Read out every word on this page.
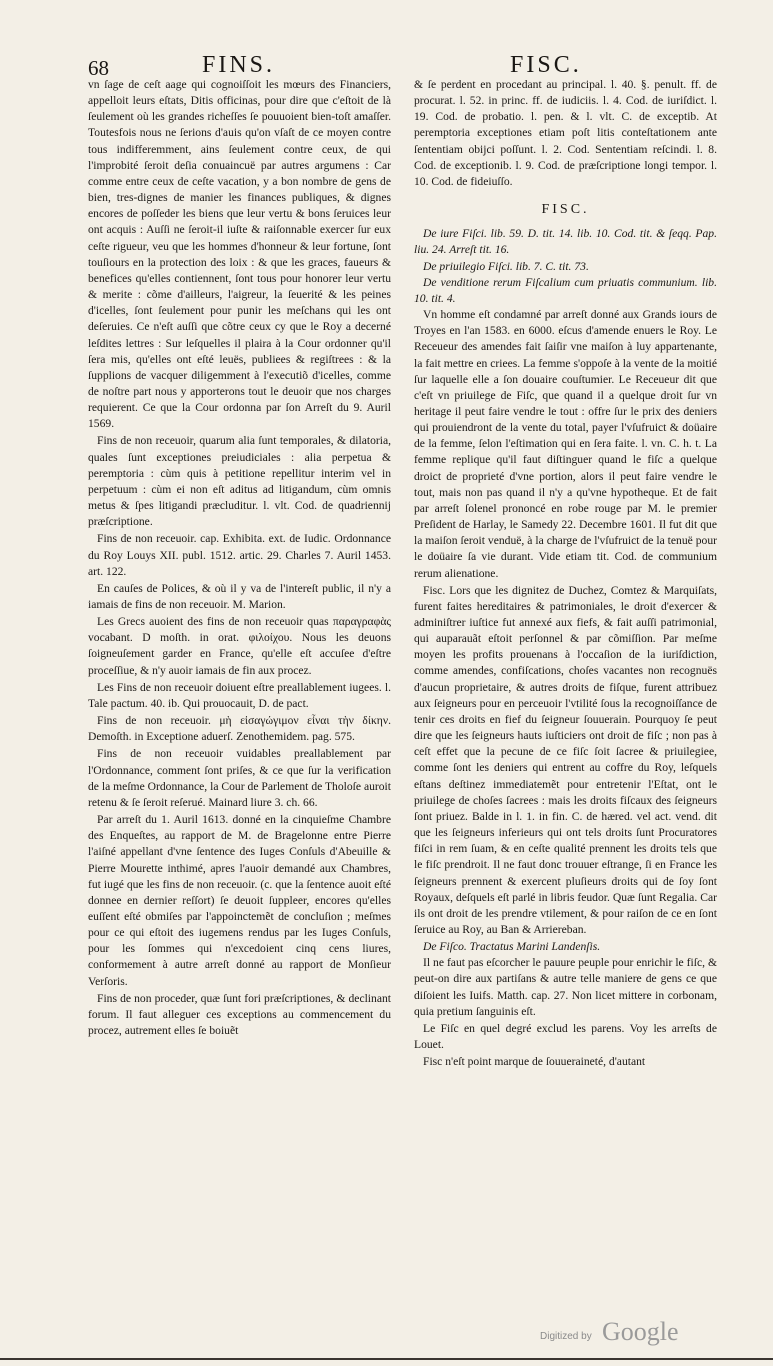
68	FINS.	FISC.

vn ſage de ceſt aage qui cognoiſſoit les mœurs des Financiers, appelloit leurs eſtats, Ditis officinas, pour dire que c'eſtoit de là ſeulement où les grandes richeſſes ſe pouuoient bien-toſt amaſſer. Toutesfois nous ne ſerions d'auis qu'on vſaſt de ce moyen contre tous indifferemment, ains ſeulement contre ceux, de qui l'improbité ſeroit deſia conuaincuë par autres argumens : Car comme entre ceux de ceſte vacation, y a bon nombre de gens de bien, tres-dignes de manier les finances publiques, & dignes encores de poſſeder les biens que leur vertu & bons ſeruices leur ont acquis : Auſſi ne ſeroit-il iuſte & raiſonnable exercer ſur eux ceſte rigueur, veu que les hommes d'honneur & leur fortune, ſont touſiours en la protection des loix : & que les graces, faueurs & benefices qu'elles contiennent, ſont tous pour honorer leur vertu & merite : cõme d'ailleurs, l'aigreur, la ſeuerité & les peines d'icelles, ſont ſeulement pour punir les meſchans qui les ont deſeruies. Ce n'eſt auſſi que cõtre ceux cy que le Roy a decerné leſdites lettres : Sur leſquelles il plaira à la Cour ordonner qu'il ſera mis, qu'elles ont eſté leuës, publiees & regiſtrees : & la ſupplions de vacquer diligemment à l'executiõ d'icelles, comme de noſtre part nous y apporterons tout le deuoir que nos charges requierent. Ce que la Cour ordonna par ſon Arreſt du 9. Auril 1569.

Fins de non receuoir, quarum alia ſunt temporales, & dilatoria, quales ſunt exceptiones preiudiciales : alia perpetua & peremptoria : cùm quis à petitione repellitur interim vel in perpetuum : cùm ei non eſt aditus ad litigandum, cùm omnis metus & ſpes litigandi præcluditur. l. vlt. Cod. de quadriennij præſcriptione.

Fins de non receuoir. cap. Exhibita. ext. de Iudic. Ordonnance du Roy Louys XII. publ. 1512. artic. 29. Charles 7. Auril 1453. art. 122.

En cauſes de Polices, & où il y va de l'intereſt public, il n'y a iamais de fins de non receuoir. M. Marion.

Les Grecs auoient des fins de non receuoir quas παραγραφὰς vocabant. D moſth. in orat. φιλοίχου. Nous les deuons ſoigneuſement garder en France, qu'elle eſt accuſee d'eſtre proceſſiue, & n'y auoir iamais de fin aux procez.

Les Fins de non receuoir doiuent eſtre preallablement iugees. l. Tale pactum. 40. ib. Qui prouocauit, D. de pact.

Fins de non receuoir. μὴ εἰσαγώγιμον εἶναι τὴν δίκην. Demoſth. in Exceptione aduerſ. Zenothemidem. pag. 575.

Fins de non receuoir vuidables preallablement par l'Ordonnance, comment ſont priſes, & ce que ſur la verification de la meſme Ordonnance, la Cour de Parlement de Tholoſe auroit retenu & ſe ſeroit reſerué. Mainard liure 3. ch. 66.

Par arreſt du 1. Auril 1613. donné en la cinquieſme Chambre des Enqueſtes, au rapport de M. de Bragelonne entre Pierre l'aiſné appellant d'vne ſentence des Iuges Conſuls d'Abeuille & Pierre Mourette inthimé, apres l'auoir demandé aux Chambres, fut iugé que les fins de non receuoir. (c. que la ſentence auoit eſté donnee en dernier reſſort) ſe deuoit ſuppleer, encores qu'elles euſſent eſté obmiſes par l'appoinctemẽt de concluſion ; meſmes pour ce qui eſtoit des iugemens rendus par les Iuges Conſuls, pour les ſommes qui n'excedoient cinq cens liures, conformement à autre arreſt donné au rapport de Monſieur Verſoris.

Fins de non proceder, quæ ſunt fori præſcriptiones, & declinant forum. Il faut alleguer ces exceptions au commencement du procez, autrement elles ſe boiuẽt

& ſe perdent en procedant au principal. l. 40. §. penult. ff. de procurat. l. 52. in princ. ff. de iudiciis. l. 4. Cod. de iuriſdict. l. 19. Cod. de probatio. l. pen. & l. vlt. C. de exceptib. At peremptoria exceptiones etiam poſt litis conteſtationem ante ſententiam obijci poſſunt. l. 2. Cod. Sententiam reſcindi. l. 8. Cod. de exceptionib. l. 9. Cod. de præſcriptione longi tempor. l. 10. Cod. de fideiuſſo.

FISC.

De iure Fiſci. lib. 59. D. tit. 14. lib. 10. Cod. tit. & ſeqq. Pap. liu. 24. Arreſt tit. 16.

De priuilegio Fiſci. lib. 7. C. tit. 73.

De venditione rerum Fiſcalium cum priuatis communium. lib. 10. tit. 4.

Vn homme eſt condamné par arreſt donné aux Grands iours de Troyes en l'an 1583. en 6000. eſcus d'amende enuers le Roy. Le Receueur des amendes fait ſaiſir vne maiſon à luy appartenante, la fait mettre en criees. La femme s'oppoſe à la vente de la moitié ſur laquelle elle a ſon douaire couſtumier. Le Receueur dit que c'eſt vn priuilege de Fiſc, que quand il a quelque droit ſur vn heritage il peut faire vendre le tout : offre ſur le prix des deniers qui prouiendront de la vente du total, payer l'vſufruict & doüaire de la femme, ſelon l'eſtimation qui en ſera faite. l. vn. C. h. t. La femme replique qu'il faut diſtinguer quand le fiſc a quelque droict de proprieté d'vne portion, alors il peut faire vendre le tout, mais non pas quand il n'y a qu'vne hypotheque. Et de fait par arreſt ſolenel prononcé en robe rouge par M. le premier Preſident de Harlay, le Samedy 22. Decembre 1601. Il fut dit que la maiſon ſeroit venduë, à la charge de l'vſufruict de la tenuë pour le doüaire ſa vie durant. Vide etiam tit. Cod. de communium rerum alienatione.

Fisc. Lors que les dignitez de Duchez, Comtez & Marquiſats, furent faites hereditaires & patrimoniales, le droit d'exercer & adminiſtrer iuſtice fut annexé aux fiefs, & fait auſſi patrimonial, qui auparauãt eſtoit perſonnel & par cõmiſſion. Par meſme moyen les profits prouenans à l'occaſion de la iuriſdiction, comme amendes, confiſcations, choſes vacantes non recognuës d'aucun proprietaire, & autres droits de fiſque, furent attribuez aux ſeigneurs pour en perceuoir l'vtilité ſous la recognoiſſance de tenir ces droits en fief du ſeigneur ſouuerain. Pourquoy ſe peut dire que les ſeigneurs hauts iuſticiers ont droit de fiſc ; non pas à ceſt effet que la pecune de ce fiſc ſoit ſacree & priuilegiee, comme ſont les deniers qui entrent au coffre du Roy, leſquels eſtans deſtinez immediatemẽt pour entretenir l'Eſtat, ont le priuilege de choſes ſacrees : mais les droits fiſcaux des ſeigneurs ſont priuez. Balde in l. 1. in fin. C. de hæred. vel act. vend. dit que les ſeigneurs inferieurs qui ont tels droits ſunt Procuratores fiſci in rem ſuam, & en ceſte qualité prennent les droits tels que le fiſc prendroit. Il ne faut donc trouuer eſtrange, ſi en France les ſeigneurs prennent & exercent pluſieurs droits qui de ſoy ſont Royaux, deſquels eſt parlé in libris feudor. Quæ ſunt Regalia. Car ils ont droit de les prendre vtilement, & pour raiſon de ce en ſont ſeruice au Roy, au Ban & Arriereban.

De Fiſco. Tractatus Marini Landenſis.

Il ne faut pas eſcorcher le pauure peuple pour enrichir le fiſc, & peut-on dire aux partiſans & autre telle maniere de gens ce que diſoient les Iuifs. Matth. cap. 27. Non licet mittere in corbonam, quia pretium ſanguinis eſt.

Le Fiſc en quel degré exclud les parens. Voy les arreſts de Louet.

Fisc n'eſt point marque de ſouueraineté, d'autant

Digitized by Google
